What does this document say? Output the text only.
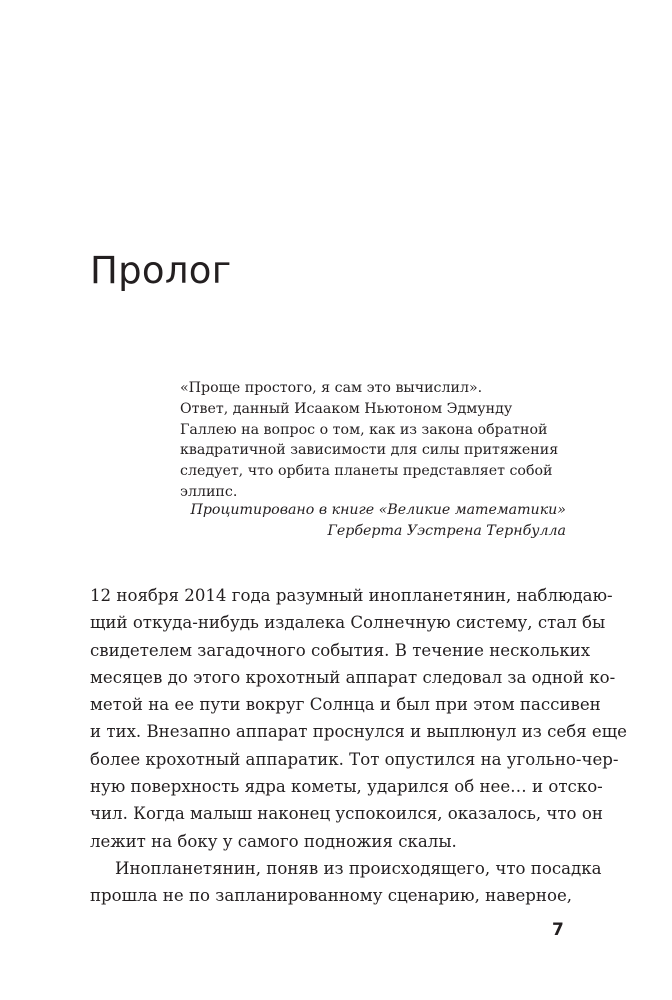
Пролог
«Проще простого, я сам это вычислил».
Ответ, данный Исааком Ньютоном Эдмунду
Галлею на вопрос о том, как из закона обратной
квадратичной зависимости для силы притяжения
следует, что орбита планеты представляет собой
эллипс.
Процитировано в книге «Великие математики»
Герберта Уэстрена Тернбулла
12 ноября 2014 года разумный инопланетянин, наблюдаю-
щий откуда-нибудь издалека Солнечную систему, стал бы
свидетелем загадочного события. В течение нескольких
месяцев до этого крохотный аппарат следовал за одной ко-
метой на ее пути вокруг Солнца и был при этом пассивен
и тих. Внезапно аппарат проснулся и выплюнул из себя еще
более крохотный аппаратик. Тот опустился на угольно-чер-
ную поверхность ядра кометы, ударился об нее… и отско-
чил. Когда малыш наконец успокоился, оказалось, что он
лежит на боку у самого подножия скалы.
Инопланетянин, поняв из происходящего, что посадка
прошла не по запланированному сценарию, наверное,
7
